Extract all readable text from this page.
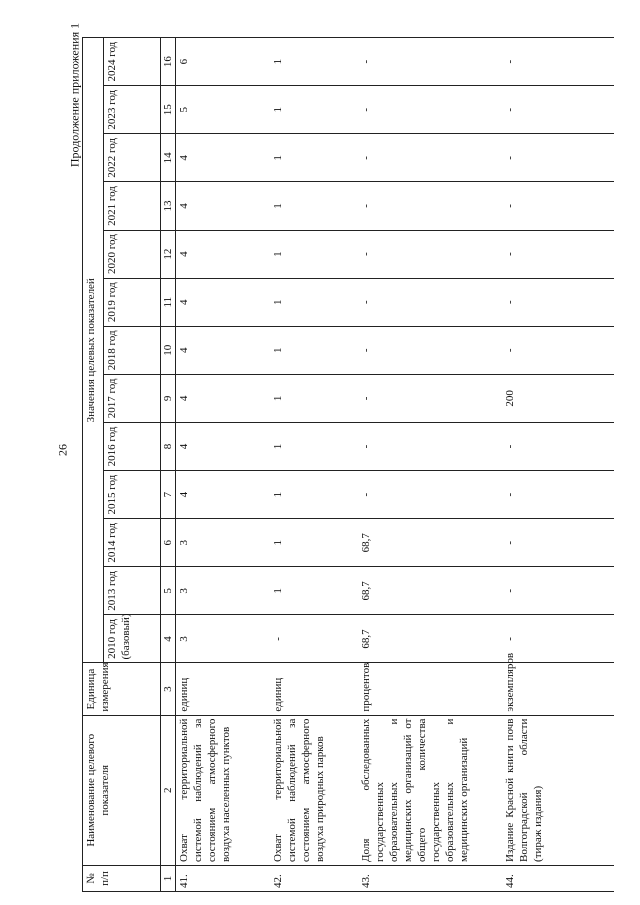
26
Продолжение приложения 1
№ п/п	Наименование целевого показателя	Единица измерения	Значения целевых показателей												
			2010 год (базовый)	2013 год	2014 год	2015 год	2016 год	2017 год	2018 год	2019 год	2020 год	2021 год	2022 год	2023 год	2024 год
1	2	3	4	5	6	7	8	9	10	11	12	13	14	15	16
41.	Охват территориальной системой наблюдений за состоянием атмосферного воздуха населенных пунктов	единиц	3	3	3	4	4	4	4	4	4	4	4	5	6
42.	Охват территориальной системой наблюдений за состоянием атмосферного воздуха природных парков	единиц	-	1	1	1	1	1	1	1	1	1	1	1	1
43.	Доля обследованных государственных образовательных и медицинских организаций от общего количества государственных образовательных и медицинских организаций	процентов	68,7	68,7	68,7	-	-	-	-	-	-	-	-	-	-
44.	Издание Красной книги почв Волгоградской области (тираж издания)	экземпляров	-	-	-	-	-	200	-	-	-	-	-	-	-
